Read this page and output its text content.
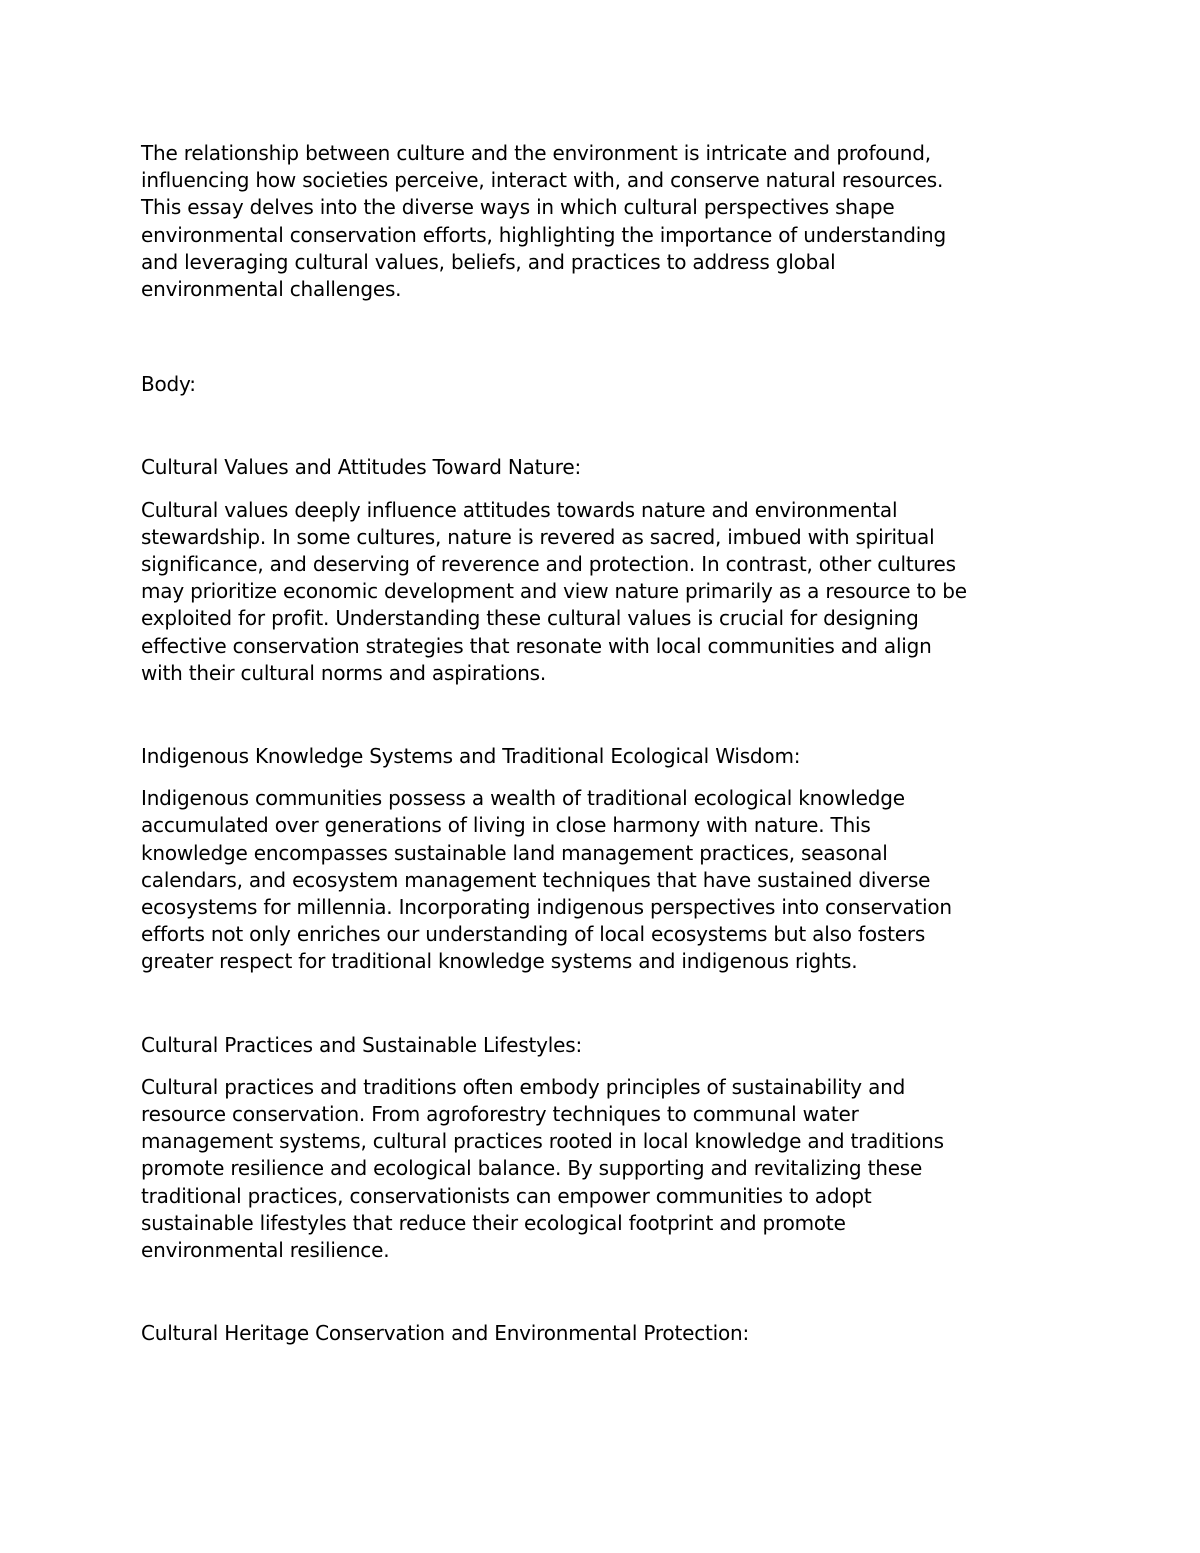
The relationship between culture and the environment is intricate and profound,
influencing how societies perceive, interact with, and conserve natural resources.
This essay delves into the diverse ways in which cultural perspectives shape
environmental conservation efforts, highlighting the importance of understanding
and leveraging cultural values, beliefs, and practices to address global
environmental challenges.

Body:

Cultural Values and Attitudes Toward Nature:

Cultural values deeply influence attitudes towards nature and environmental
stewardship. In some cultures, nature is revered as sacred, imbued with spiritual
significance, and deserving of reverence and protection. In contrast, other cultures
may prioritize economic development and view nature primarily as a resource to be
exploited for profit. Understanding these cultural values is crucial for designing
effective conservation strategies that resonate with local communities and align
with their cultural norms and aspirations.

Indigenous Knowledge Systems and Traditional Ecological Wisdom:

Indigenous communities possess a wealth of traditional ecological knowledge
accumulated over generations of living in close harmony with nature. This
knowledge encompasses sustainable land management practices, seasonal
calendars, and ecosystem management techniques that have sustained diverse
ecosystems for millennia. Incorporating indigenous perspectives into conservation
efforts not only enriches our understanding of local ecosystems but also fosters
greater respect for traditional knowledge systems and indigenous rights.

Cultural Practices and Sustainable Lifestyles:

Cultural practices and traditions often embody principles of sustainability and
resource conservation. From agroforestry techniques to communal water
management systems, cultural practices rooted in local knowledge and traditions
promote resilience and ecological balance. By supporting and revitalizing these
traditional practices, conservationists can empower communities to adopt
sustainable lifestyles that reduce their ecological footprint and promote
environmental resilience.

Cultural Heritage Conservation and Environmental Protection:
